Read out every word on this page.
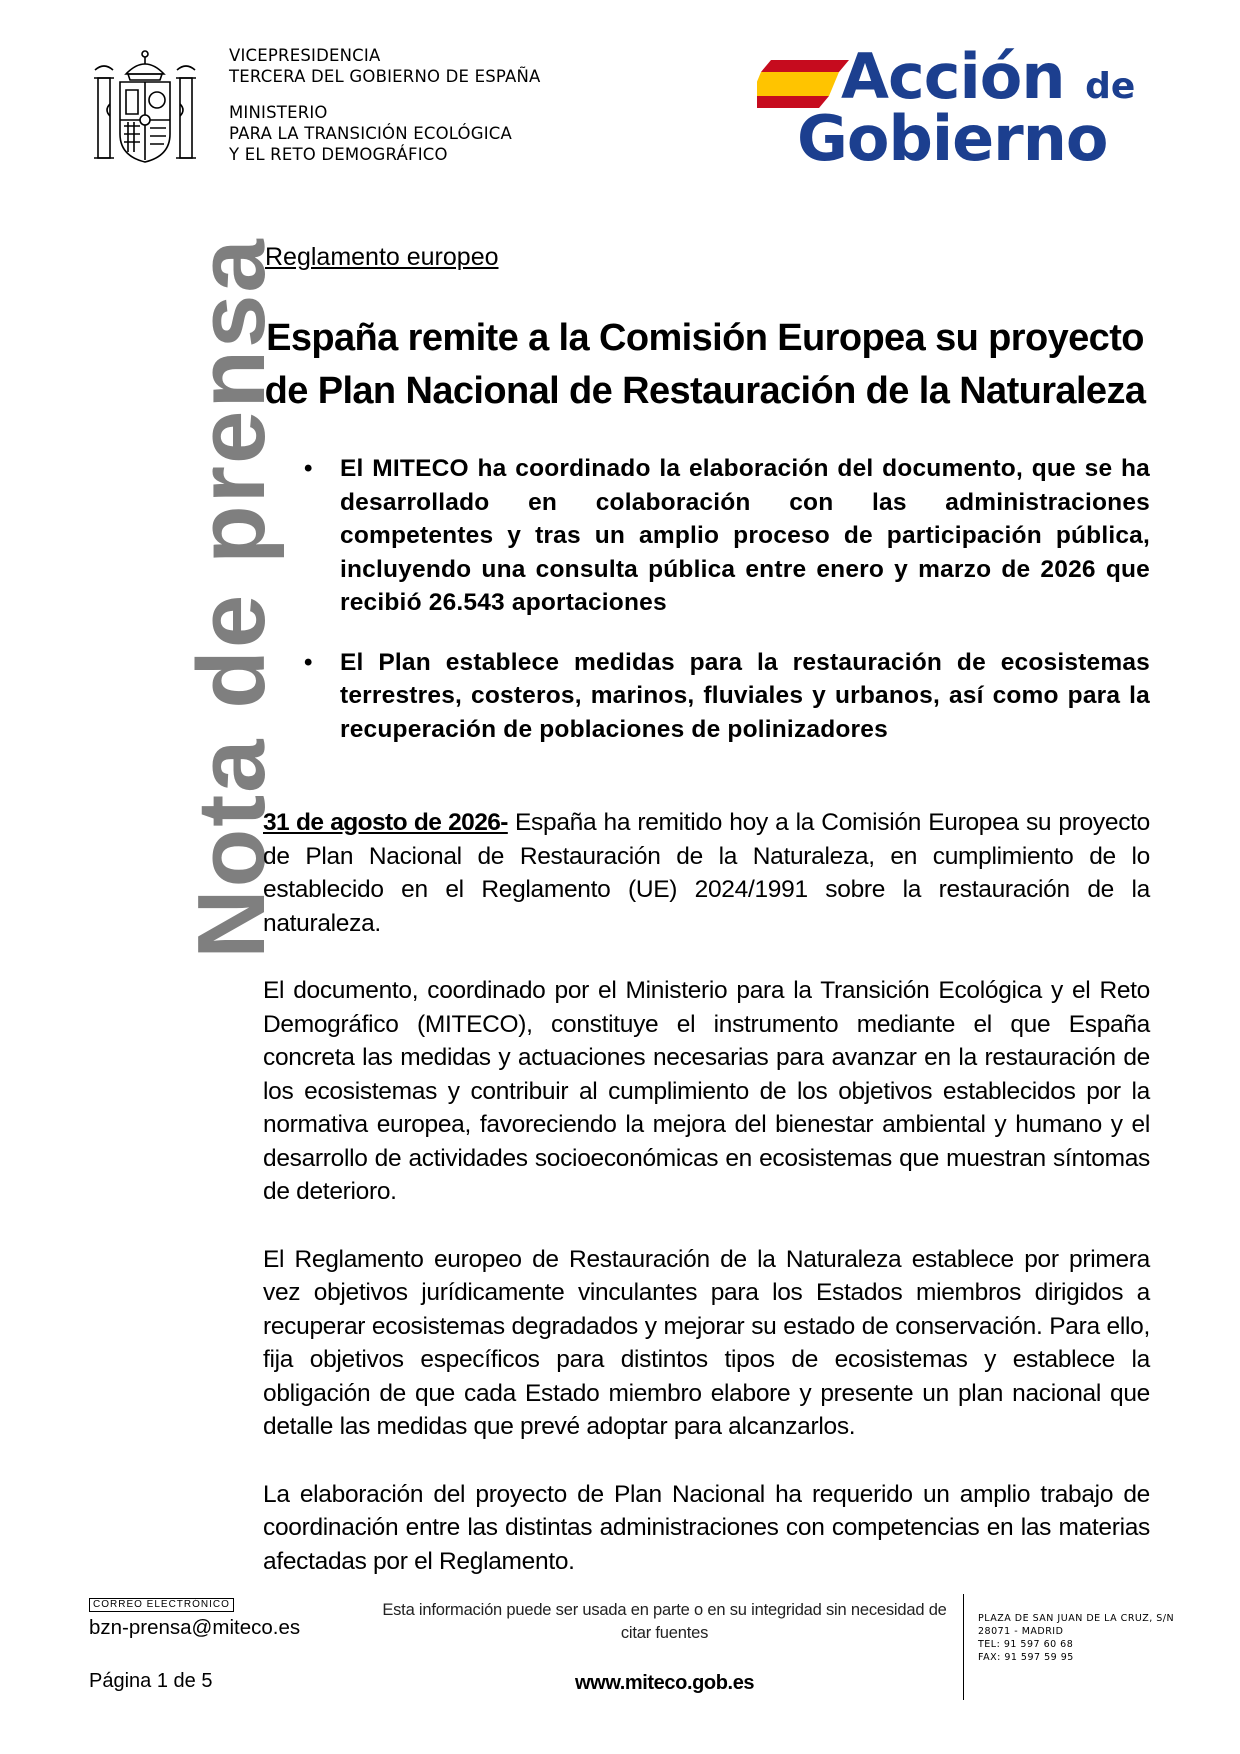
VICEPRESIDENCIA
TERCERA DEL GOBIERNO DE ESPAÑA
MINISTERIO
PARA LA TRANSICIÓN ECOLÓGICA
Y EL RETO DEMOGRÁFICO
Acción de
Gobierno
Nota de prensa
Reglamento europeo
España remite a la Comisión Europea su proyecto de Plan Nacional de Restauración de la Naturaleza
• El MITECO ha coordinado la elaboración del documento, que se ha desarrollado en colaboración con las administraciones competentes y tras un amplio proceso de participación pública, incluyendo una consulta pública entre enero y marzo de 2026 que recibió 26.543 aportaciones
• El Plan establece medidas para la restauración de ecosistemas terrestres, costeros, marinos, fluviales y urbanos, así como para la recuperación de poblaciones de polinizadores

31 de agosto de 2026- España ha remitido hoy a la Comisión Europea su proyecto de Plan Nacional de Restauración de la Naturaleza, en cumplimiento de lo establecido en el Reglamento (UE) 2024/1991 sobre la restauración de la naturaleza.

El documento, coordinado por el Ministerio para la Transición Ecológica y el Reto Demográfico (MITECO), constituye el instrumento mediante el que España concreta las medidas y actuaciones necesarias para avanzar en la restauración de los ecosistemas y contribuir al cumplimiento de los objetivos establecidos por la normativa europea, favoreciendo la mejora del bienestar ambiental y humano y el desarrollo de actividades socioeconómicas en ecosistemas que muestran síntomas de deterioro.

El Reglamento europeo de Restauración de la Naturaleza establece por primera vez objetivos jurídicamente vinculantes para los Estados miembros dirigidos a recuperar ecosistemas degradados y mejorar su estado de conservación. Para ello, fija objetivos específicos para distintos tipos de ecosistemas y establece la obligación de que cada Estado miembro elabore y presente un plan nacional que detalle las medidas que prevé adoptar para alcanzarlos.

La elaboración del proyecto de Plan Nacional ha requerido un amplio trabajo de coordinación entre las distintas administraciones con competencias en las materias afectadas por el Reglamento.

CORREO ELECTRÓNICO
bzn-prensa@miteco.es
Página 1 de 5
Esta información puede ser usada en parte o en su integridad sin necesidad de citar fuentes
www.miteco.gob.es
PLAZA DE SAN JUAN DE LA CRUZ, S/N
28071 - MADRID
TEL: 91 597 60 68
FAX: 91 597 59 95
